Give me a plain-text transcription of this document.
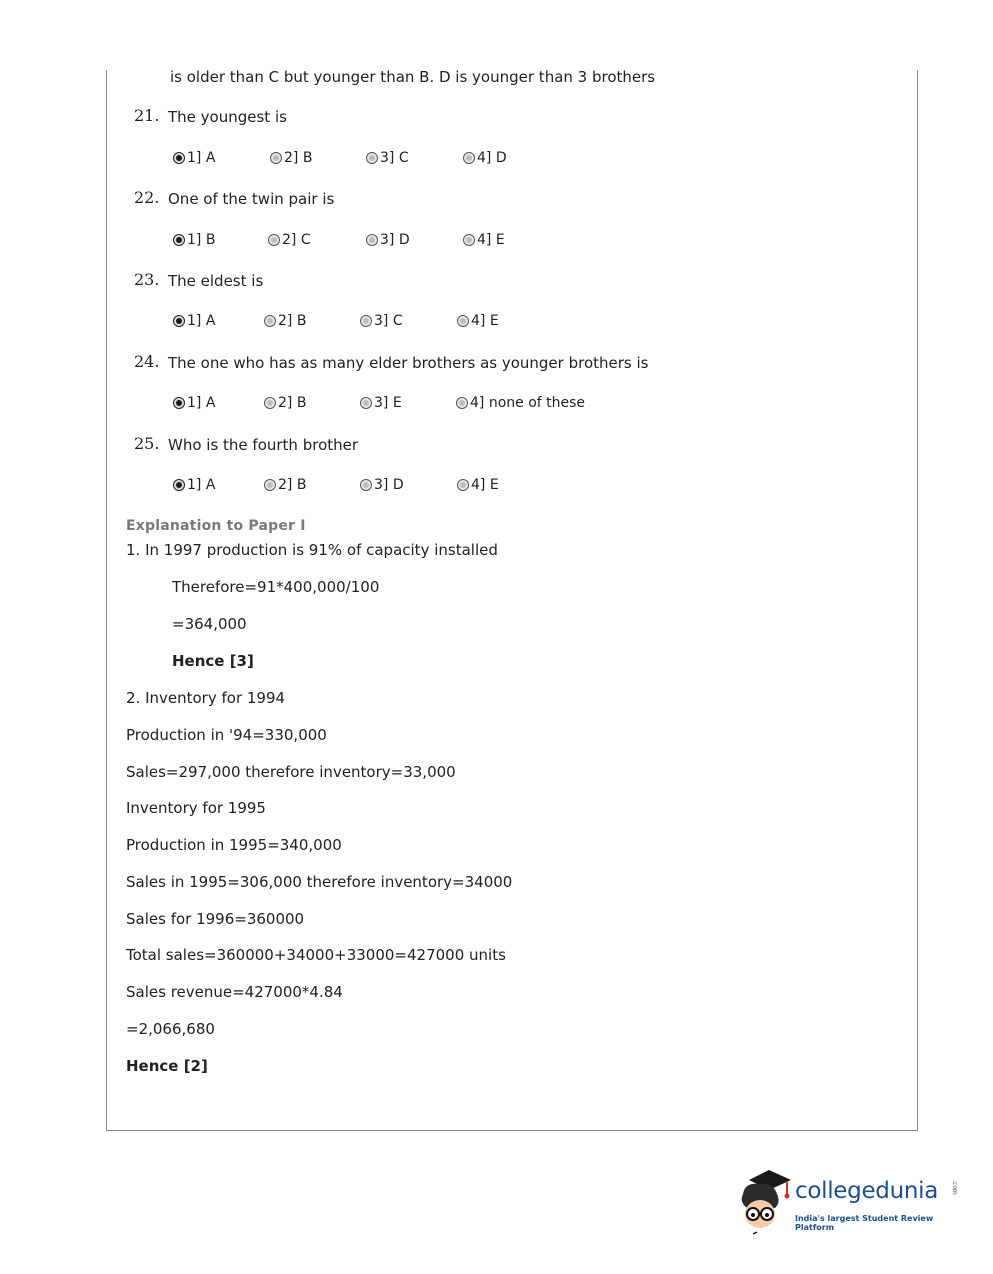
is older than C but younger than B. D is younger than 3 brothers
21. The youngest is
1] A	2] B	3] C	4] D
22. One of the twin pair is
1] B	2] C	3] D	4] E
23. The eldest is
1] A	2] B	3] C	4] E
24. The one who has as many elder brothers as younger brothers is
1] A	2] B	3] E	4] none of these
25. Who is the fourth brother
1] A	2] B	3] D	4] E
Explanation to Paper I
1. In 1997 production is 91% of capacity installed
Therefore=91*400,000/100
=364,000
Hence [3]
2. Inventory for 1994
Production in '94=330,000
Sales=297,000 therefore inventory=33,000
Inventory for 1995
Production in 1995=340,000
Sales in 1995=306,000 therefore inventory=34000
Sales for 1996=360000
Total sales=360000+34000+33000=427000 units
Sales revenue=427000*4.84
=2,066,680
Hence [2]
collegedunia .com
India's largest Student Review Platform
